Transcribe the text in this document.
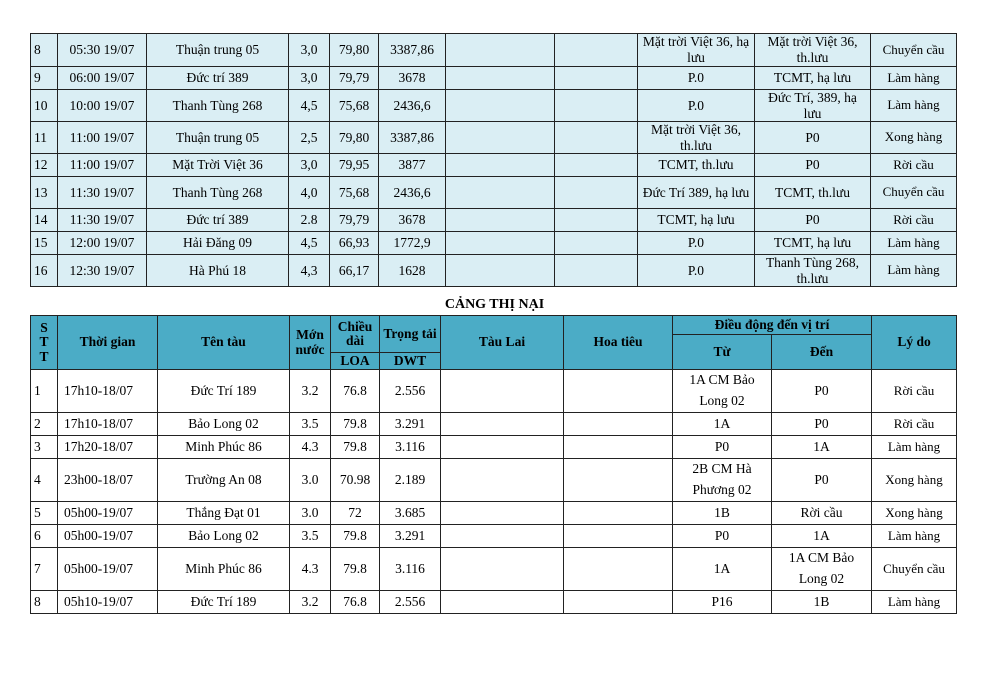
8	05:30 19/07	Thuận trung 05	3,0	79,80	3387,86			Mặt trời Việt 36, hạ lưu	Mặt trời Việt 36, th.lưu	Chuyển cầu
9	06:00 19/07	Đức trí 389	3,0	79,79	3678			P.0	TCMT, hạ lưu	Làm hàng
10	10:00 19/07	Thanh Tùng 268	4,5	75,68	2436,6			P.0	Đức Trí, 389, hạ lưu	Làm hàng
11	11:00 19/07	Thuận trung 05	2,5	79,80	3387,86			Mặt trời Việt 36, th.lưu	P0	Xong hàng
12	11:00 19/07	Mặt Trời Việt 36	3,0	79,95	3877			TCMT, th.lưu	P0	Rời cầu
13	11:30 19/07	Thanh Tùng 268	4,0	75,68	2436,6			Đức Trí 389, hạ lưu	TCMT, th.lưu	Chuyển cầu
14	11:30 19/07	Đức trí 389	2.8	79,79	3678			TCMT, hạ lưu	P0	Rời cầu
15	12:00 19/07	Hải Đăng 09	4,5	66,93	1772,9			P.0	TCMT, hạ lưu	Làm hàng
16	12:30 19/07	Hà Phú 18	4,3	66,17	1628			P.0	Thanh Tùng 268, th.lưu	Làm hàng
CẢNG THỊ NẠI
S
T
T	Thời gian	Tên tàu	Mớn nước	Chiều dài	Trọng tải	Tàu Lai	Hoa tiêu	Điều động đến vị trí		Lý do
								Từ	Đến	
				LOA	DWT					
1	17h10-18/07	Đức Trí 189	3.2	76.8	2.556			1A CM Bảo Long 02	P0	Rời cầu
2	17h10-18/07	Bảo Long 02	3.5	79.8	3.291			1A	P0	Rời cầu
3	17h20-18/07	Minh Phúc 86	4.3	79.8	3.116			P0	1A	Làm hàng
4	23h00-18/07	Trường An 08	3.0	70.98	2.189			2B CM Hà Phương 02	P0	Xong hàng
5	05h00-19/07	Thắng Đạt 01	3.0	72	3.685			1B	Rời cầu	Xong hàng
6	05h00-19/07	Bảo Long 02	3.5	79.8	3.291			P0	1A	Làm hàng
7	05h00-19/07	Minh Phúc 86	4.3	79.8	3.116			1A	1A CM Bảo Long 02	Chuyển cầu
8	05h10-19/07	Đức Trí 189	3.2	76.8	2.556			P16	1B	Làm hàng
